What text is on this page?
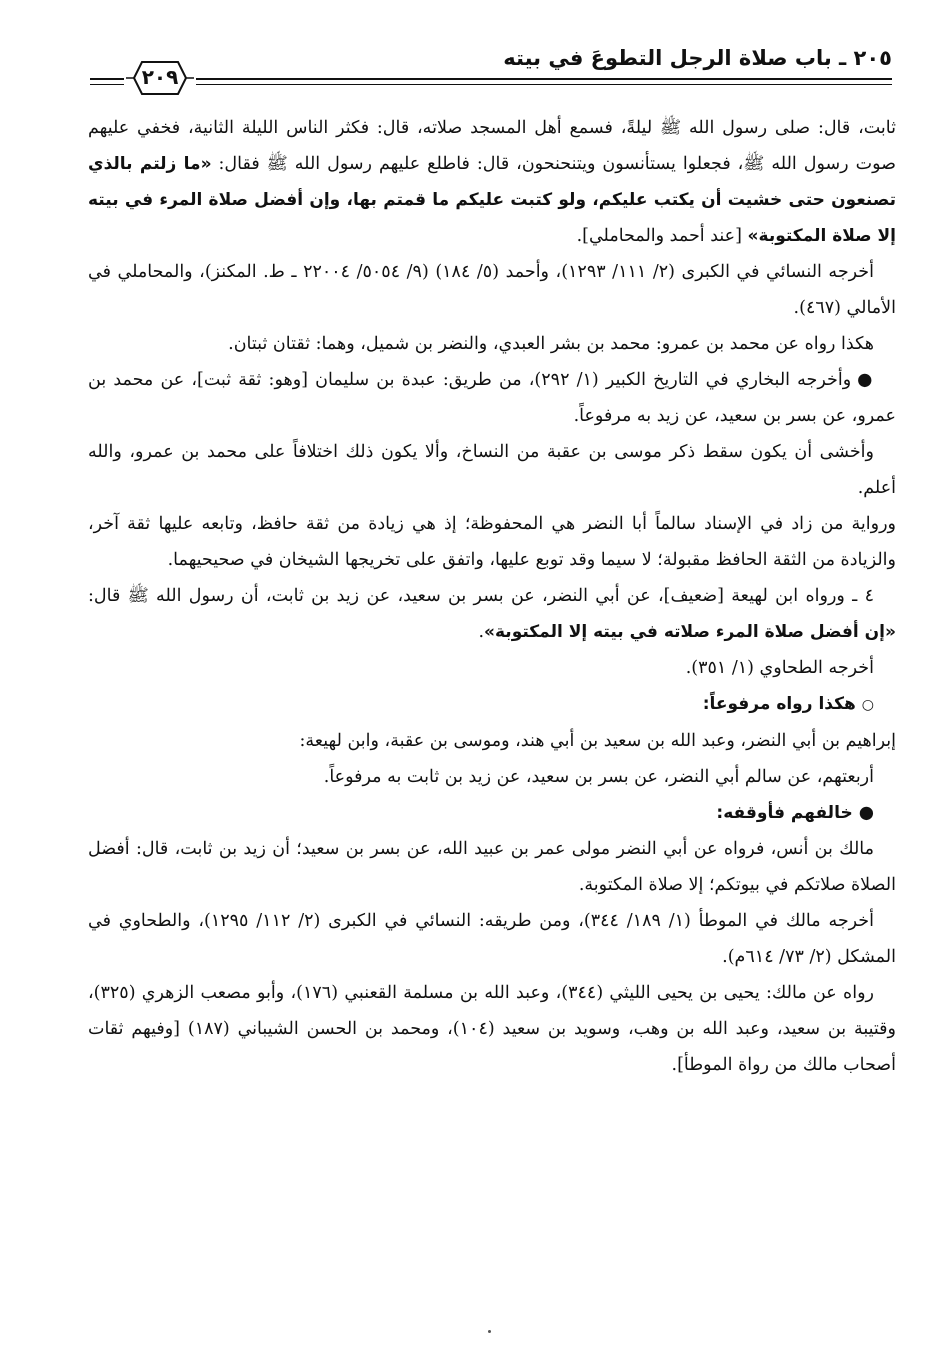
٢٠٥ ـ باب صلاة الرجل التطوعَ في بيته
٢٠٩

ثابت، قال: صلى رسول الله ﷺ ليلةً، فسمع أهل المسجد صلاته، قال: فكثر الناس الليلة الثانية، فخفي عليهم صوت رسول الله ﷺ، فجعلوا يستأنسون ويتنحنحون، قال: فاطلع عليهم رسول الله ﷺ فقال: «ما زلتم بالذي تصنعون حتى خشيت أن يكتب عليكم، ولو كتبت عليكم ما قمتم بها، وإن أفضل صلاة المرء في بيته إلا صلاة المكتوبة» [عند أحمد والمحاملي].

أخرجه النسائي في الكبرى (٢/ ١١١/ ١٢٩٣)، وأحمد (٥/ ١٨٤) (٩/ ٥٠٥٤/ ٢٢٠٠٤ ـ ط. المكنز)، والمحاملي في الأمالي (٤٦٧).

هكذا رواه عن محمد بن عمرو: محمد بن بشر العبدي، والنضر بن شميل، وهما: ثقتان ثبتان.

●وأخرجه البخاري في التاريخ الكبير (١/ ٢٩٢)، من طريق: عبدة بن سليمان [وهو: ثقة ثبت]، عن محمد بن عمرو، عن بسر بن سعيد، عن زيد به مرفوعاً.

وأخشى أن يكون سقط ذكر موسى بن عقبة من النساخ، وألا يكون ذلك اختلافاً على محمد بن عمرو، والله أعلم.

ورواية من زاد في الإسناد سالماً أبا النضر هي المحفوظة؛ إذ هي زيادة من ثقة حافظ، وتابعه عليها ثقة آخر، والزيادة من الثقة الحافظ مقبولة؛ لا سيما وقد توبع عليها، واتفق على تخريجها الشيخان في صحيحيهما.

٤ ـ ورواه ابن لهيعة [ضعيف]، عن أبي النضر، عن بسر بن سعيد، عن زيد بن ثابت، أن رسول الله ﷺ قال: «إن أفضل صلاة المرء صلاته في بيته إلا المكتوبة».

أخرجه الطحاوي (١/ ٣٥١).

○هكذا رواه مرفوعاً:

إبراهيم بن أبي النضر، وعبد الله بن سعيد بن أبي هند، وموسى بن عقبة، وابن لهيعة:

أربعتهم، عن سالم أبي النضر، عن بسر بن سعيد، عن زيد بن ثابت به مرفوعاً.

●خالفهم فأوقفه:

مالك بن أنس، فرواه عن أبي النضر مولى عمر بن عبيد الله، عن بسر بن سعيد؛ أن زيد بن ثابت، قال: أفضل الصلاة صلاتكم في بيوتكم؛ إلا صلاة المكتوبة.

أخرجه مالك في الموطأ (١/ ١٨٩/ ٣٤٤)، ومن طريقه: النسائي في الكبرى (٢/ ١١٢/ ١٢٩٥)، والطحاوي في المشكل (٢/ ٧٣/ ٦١٤م).

رواه عن مالك: يحيى بن يحيى الليثي (٣٤٤)، وعبد الله بن مسلمة القعنبي (١٧٦)، وأبو مصعب الزهري (٣٢٥)، وقتيبة بن سعيد، وعبد الله بن وهب، وسويد بن سعيد (١٠٤)، ومحمد بن الحسن الشيباني (١٨٧) [وفيهم ثقات أصحاب مالك من رواة الموطأ].
